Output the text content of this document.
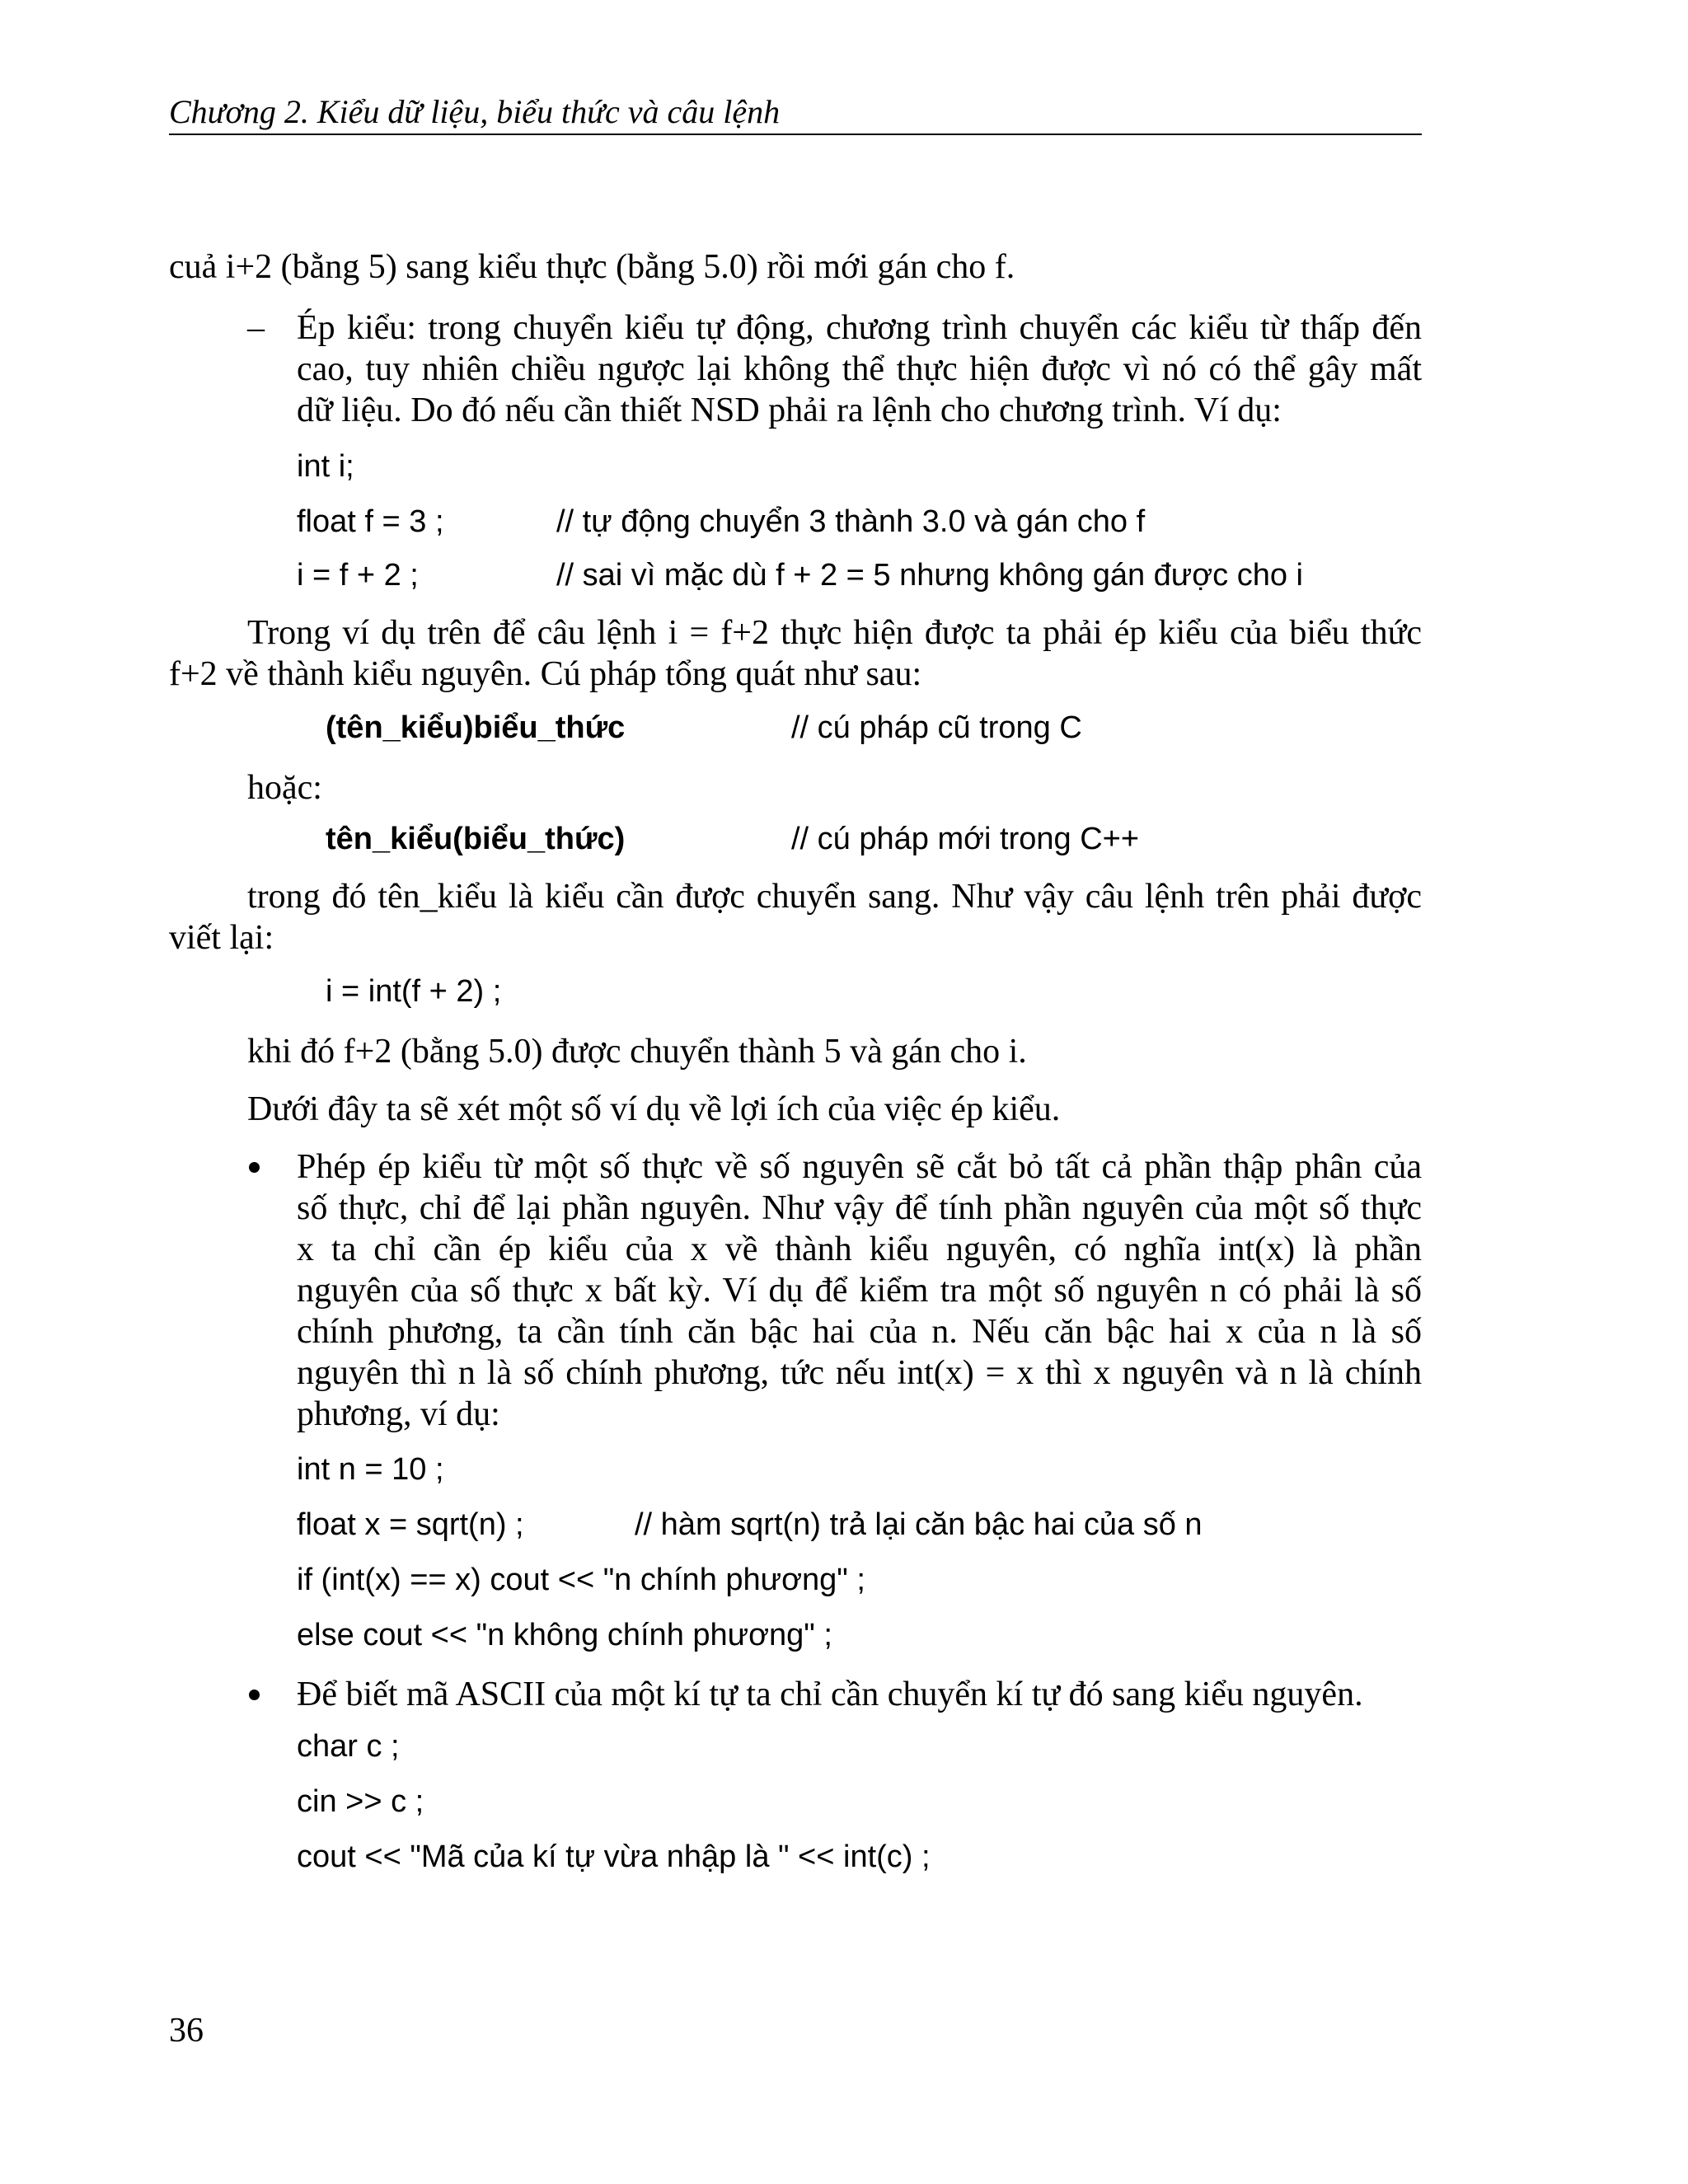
Chương 2. Kiểu dữ liệu, biểu thức và câu lệnh
cuả i+2 (bằng 5) sang kiểu thực (bằng 5.0) rồi mới gán cho f.
– Ép kiểu: trong chuyển kiểu tự động, chương trình chuyển các kiểu từ thấp đến
cao, tuy nhiên chiều ngược lại không thể thực hiện được vì nó có thể gây mất
dữ liệu. Do đó nếu cần thiết NSD phải ra lệnh cho chương trình. Ví dụ:
int i;
float f = 3 ;	// tự động chuyển 3 thành 3.0 và gán cho f
i = f + 2 ;	// sai vì mặc dù f + 2 = 5 nhưng không gán được cho i
Trong ví dụ trên để câu lệnh i = f+2 thực hiện được ta phải ép kiểu của biểu thức
f+2 về thành kiểu nguyên. Cú pháp tổng quát như sau:
(tên_kiểu)biểu_thức	// cú pháp cũ trong C
hoặc:
tên_kiểu(biểu_thức)	// cú pháp mới trong C++
trong đó tên_kiểu là kiểu cần được chuyển sang. Như vậy câu lệnh trên phải được
viết lại:
i = int(f + 2) ;
khi đó f+2 (bằng 5.0) được chuyển thành 5 và gán cho i.
Dưới đây ta sẽ xét một số ví dụ về lợi ích của việc ép kiểu.
Phép ép kiểu từ một số thực về số nguyên sẽ cắt bỏ tất cả phần thập phân của
số thực, chỉ để lại phần nguyên. Như vậy để tính phần nguyên của một số thực
x ta chỉ cần ép kiểu của x về thành kiểu nguyên, có nghĩa int(x) là phần
nguyên của số thực x bất kỳ. Ví dụ để kiểm tra một số nguyên n có phải là số
chính phương, ta cần tính căn bậc hai của n. Nếu căn bậc hai x của n là số
nguyên thì n là số chính phương, tức nếu int(x) = x thì x nguyên và n là chính
phương, ví dụ:
int n = 10 ;
float x = sqrt(n) ;	// hàm sqrt(n) trả lại căn bậc hai của số n
if (int(x) == x) cout << "n chính phương" ;
else cout << "n không chính phương" ;
Để biết mã ASCII của một kí tự ta chỉ cần chuyển kí tự đó sang kiểu nguyên.
char c ;
cin >> c ;
cout << "Mã của kí tự vừa nhập là " << int(c) ;
36
